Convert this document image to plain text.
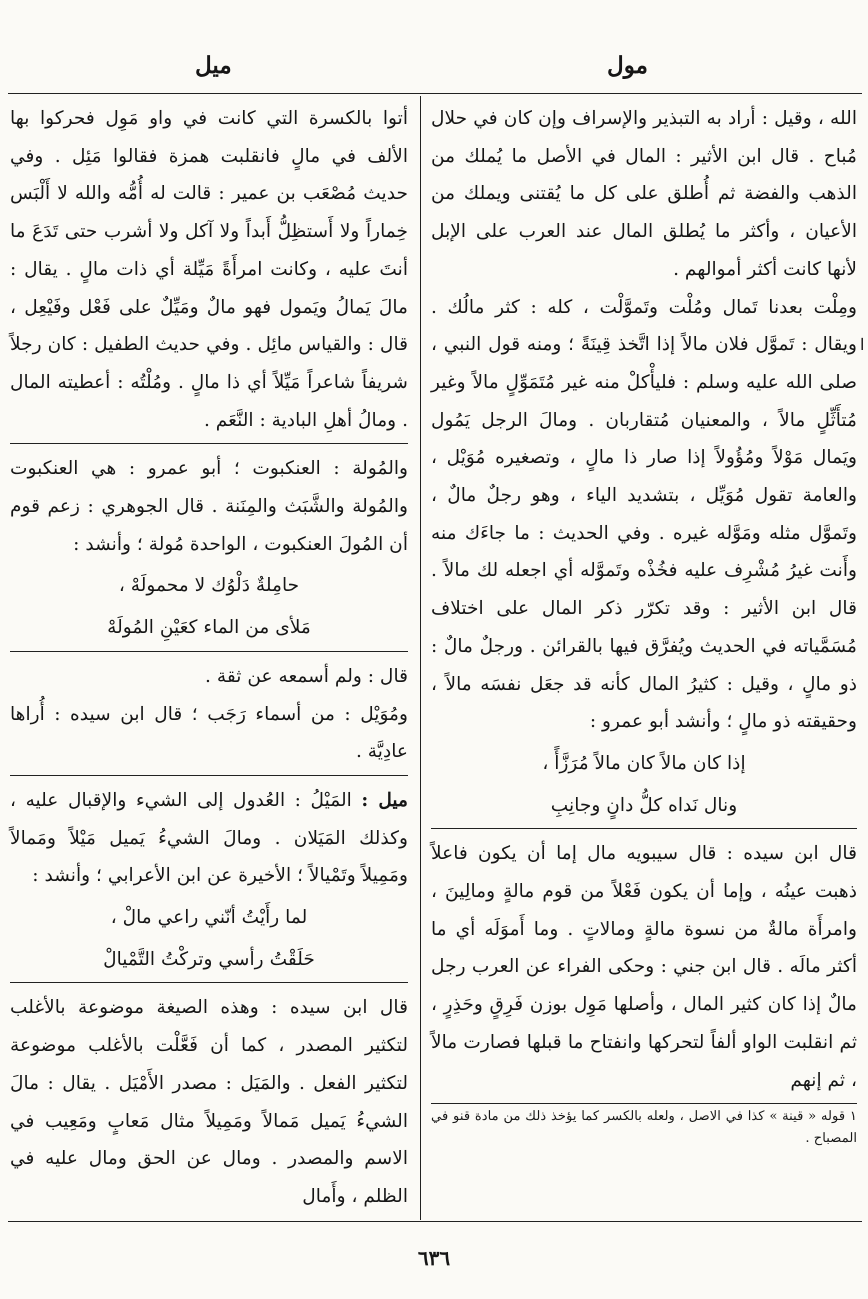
مول
ميل

الله ، وقيل : أراد به التبذير والإسراف وإن كان في حلال مُباح . قال ابن الأثير : المال في الأصل ما يُملك من الذهب والفضة ثم أُطلق على كل ما يُقتنى ويملك من الأعيان ، وأكثر ما يُطلق المال عند العرب على الإبل لأنها كانت أكثر أموالهم .

ومِلْت بعدنا تَمال ومُلْت وتَموَّلْت ، كله : كثر مالُك . ويقال : تَموَّل فلان مالاً إذا اتَّخذ قِينَةً ؛ ومنه قول النبي ، صلى الله عليه وسلم : فليأْكلْ منه غير مُتَمَوِّلٍ مالاً وغير مُتأَثِّلٍ مالاً ، والمعنيان مُتقاربان . ومالَ الرجل يَمُول ويَمال مَوْلاً ومُؤُولاً إذا صار ذا مالٍ ، وتصغيره مُوَيْل ، والعامة تقول مُوَيِّل ، بتشديد الياء ، وهو رجلٌ مالٌ ، وتَموَّل مثله ومَوَّله غيره . وفي الحديث : ما جاءَك منه وأَنت غيرُ مُشْرِف عليه فخُذْه وتَموَّله أي اجعله لك مالاً . قال ابن الأثير : وقد تكرّر ذكر المال على اختلاف مُسَمَّياته في الحديث ويُفرَّق فيها بالقرائن . ورجلٌ مالٌ : ذو مالٍ ، وقيل : كثيرُ المال كأنه قد جعَل نفسَه مالاً ، وحقيقته ذو مالٍ ؛ وأنشد أبو عمرو :

إذا كان مالاً كان مالاً مُرَزَّأً ،

ونال نَداه كلُّ دانٍ وجانِبِ

قال ابن سيده : قال سيبويه مال إما أن يكون فاعلاً ذهبت عينُه ، وإما أن يكون فَعْلاً من قوم مالةٍ ومالِينَ ، وامرأَة مالةٌ من نسوة مالةٍ ومالاتٍ . وما أَموَلَه أي ما أكثر مالَه . قال ابن جني : وحكى الفراء عن العرب رجل مالٌ إذا كان كثير المال ، وأصلها مَوِل بوزن فَرِقٍ وحَذِرٍ ، ثم انقلبت الواو ألفاً لتحركها وانفتاح ما قبلها فصارت مالاً ، ثم إنهم

١ قوله « قينة » كذا في الاصل ، ولعله بالكسر كما يؤخذ ذلك من مادة قنو في المصباح .

أتوا بالكسرة التي كانت في واو مَوِل فحركوا بها الألف في مالٍ فانقلبت همزة فقالوا مَئِل . وفي حديث مُصْعَب بن عمير : قالت له أُمُّه والله لا أَلْبَس خِماراً ولا أَستظِلُّ أَبداً ولا آكل ولا أشرب حتى تَدَعَ ما أنتَ عليه ، وكانت امرأَةً مَيِّلة أي ذات مالٍ . يقال : مالَ يَمالُ ويَمول فهو مالٌ ومَيِّلٌ على فَعْل وفَيْعِل ، قال : والقياس مائِل . وفي حديث الطفيل : كان رجلاً شريفاً شاعراً مَيِّلاً أي ذا مالٍ . ومُلْتُه : أعطيته المال . ومالُ أهلِ البادية : النَّعَم .

والمُولة : العنكبوت ؛ أبو عمرو : هي العنكبوت والمُولة والشَّبَث والمِنَنة . قال الجوهري : زعم قوم أن المُولَ العنكبوت ، الواحدة مُولة ؛ وأنشد :

حامِلةٌ دَلْوُك لا محمولَهْ ،

مَلأى من الماء كعَيْنِ المُولَهْ

قال : ولم أسمعه عن ثقة .

ومُوَيْل : من أسماء رَجَب ؛ قال ابن سيده : أُراها عادِيَّة .

ميل : المَيْلُ : العُدول إلى الشيء والإقبال عليه ، وكذلك المَيَلان . ومالَ الشيءُ يَميل مَيْلاً ومَمالاً ومَمِيلاً وتَمْيالاً ؛ الأخيرة عن ابن الأعرابي ؛ وأنشد :

لما رأَيْتُ أنّني راعي مالْ ،

حَلَقْتُ رأسي وتركْتُ التَّمْيالْ

قال ابن سيده : وهذه الصيغة موضوعة بالأغلب لتكثير المصدر ، كما أن فَعَّلْت بالأغلب موضوعة لتكثير الفعل . والمَيَل : مصدر الأَمْيَل . يقال : مالَ الشيءُ يَميل مَمالاً ومَمِيلاً مثال مَعابٍ ومَعِيب في الاسم والمصدر . ومال عن الحق ومال عليه في الظلم ، وأَمال

ا
٦٣٦
